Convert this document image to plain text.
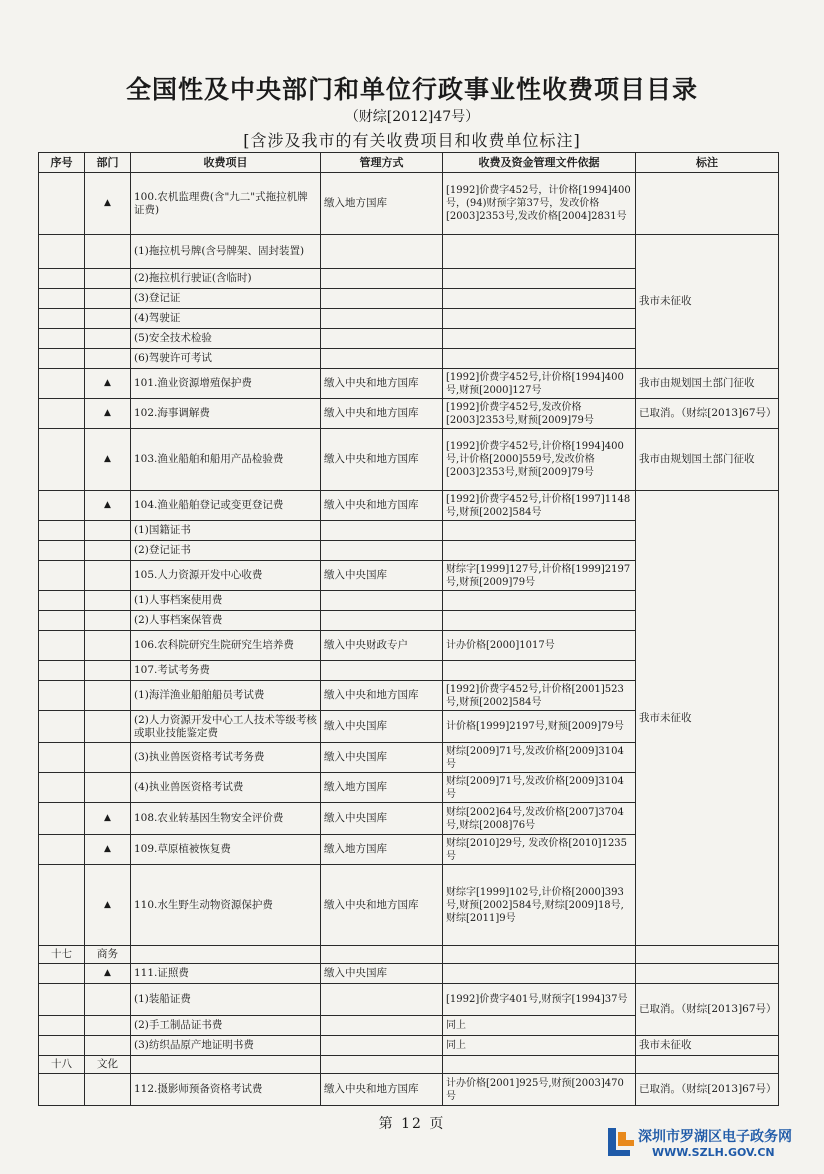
全国性及中央部门和单位行政事业性收费项目目录
（财综[2012]47号）
[含涉及我市的有关收费项目和收费单位标注]
序号	部门	收费项目	管理方式	收费及资金管理文件依据	标注	
	▲	100.农机监理费(含"九二"式拖拉机牌证费)	缴入地方国库	[1992]价费字452号，计价格[1994]400号，(94)财预字第37号，发改价格[2003]2353号,发改价格[2004]2831号		
		(1)拖拉机号牌(含号牌架、固封装置)			我市未征收	
		(2)拖拉机行驶证(含临时)				
		(3)登记证				
		(4)驾驶证				
		(5)安全技术检验				
		(6)驾驶许可考试				
	▲	101.渔业资源增殖保护费	缴入中央和地方国库	[1992]价费字452号,计价格[1994]400号,财预[2000]127号	我市由规划国土部门征收	
	▲	102.海事调解费	缴入中央和地方国库	[1992]价费字452号,发改价格[2003]2353号,财预[2009]79号	已取消。（财综[2013]67号）	
	▲	103.渔业船舶和船用产品检验费	缴入中央和地方国库	[1992]价费字452号,计价格[1994]400号,计价格[2000]559号,发改价格[2003]2353号,财预[2009]79号	我市由规划国土部门征收	
	▲	104.渔业船舶登记或变更登记费	缴入中央和地方国库	[1992]价费字452号,计价格[1997]1148号,财预[2002]584号	我市未征收	
		(1)国籍证书				
		(2)登记证书				
		105.人力资源开发中心收费	缴入中央国库	财综字[1999]127号,计价格[1999]2197号,财预[2009]79号		
		(1)人事档案使用费				
		(2)人事档案保管费				
		106.农科院研究生院研究生培养费	缴入中央财政专户	计办价格[2000]1017号		
		107.考试考务费				
		(1)海洋渔业船舶船员考试费	缴入中央和地方国库	[1992]价费字452号,计价格[2001]523号,财预[2002]584号		
		(2)人力资源开发中心工人技术等级考核或职业技能鉴定费	缴入中央国库	计价格[1999]2197号,财预[2009]79号		
		(3)执业兽医资格考试考务费	缴入中央国库	财综[2009]71号,发改价格[2009]3104号		
		(4)执业兽医资格考试费	缴入地方国库	财综[2009]71号,发改价格[2009]3104号		
	▲	108.农业转基因生物安全评价费	缴入中央国库	财综[2002]64号,发改价格[2007]3704号,财综[2008]76号		
	▲	109.草原植被恢复费	缴入地方国库	财综[2010]29号, 发改价格[2010]1235号		
	▲	110.水生野生动物资源保护费	缴入中央和地方国库	财综字[1999]102号,计价格[2000]393号,财预[2002]584号,财综[2009]18号,财综[2011]9号	
十七	商务					
	▲	111.证照费	缴入中央国库			
		(1)装船证费		[1992]价费字401号,财预字[1994]37号	已取消。（财综[2013]67号）	
		(2)手工制品证书费		同上		
		(3)纺织品原产地证明书费		同上	我市未征收	
十八	文化					
		112.摄影师预备资格考试费	缴入中央和地方国库	计办价格[2001]925号,财预[2003]470号	已取消。（财综[2013]67号）	
第 12 页
深圳市罗湖区电子政务网
WWW.SZLH.GOV.CN
